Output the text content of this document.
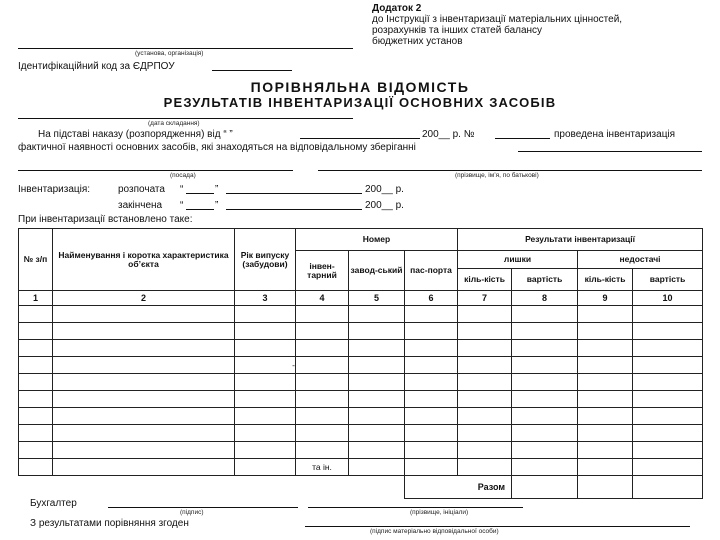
Додаток 2
до Інструкції з інвентаризації матеріальних цінностей,
розрахунків та інших статей балансу
бюджетних установ
(установа, організація)
Ідентифікаційний код за ЄДРПОУ
ПОРІВНЯЛЬНА ВІДОМІСТЬ
РЕЗУЛЬТАТІВ ІНВЕНТАРИЗАЦІЇ ОСНОВНИХ ЗАСОБІВ
(дата складання)
На підставі наказу (розпорядження) від “ ”	200__ р. №	проведена інвентаризація
фактичної наявності основних засобів, які знаходяться на відповідальному зберіганні
(посада)	(прізвище, ім’я, по батькові)
Інвентаризація:	розпочата “	”	200__ р.
закінчена “	”	200__ р.
При інвентаризації встановлено таке:
№ з/п	Найменування і коротка характеристика об’єкта	Рік випуску (забудови)	Номер			Результати інвентаризації			
			інвен-тарний	завод-ський	пас-порта	лишки		недостачі	
						кіль-кість	вартість	кіль-кість	вартість
1	2	3	4	5	6	7	8	9	10

		-							

			та ін.						
					Разом				
Бухгалтер
(підпис)	(прізвище, ініціали)
З результатами порівняння згоден
(підпис матеріально відповідальної особи)
